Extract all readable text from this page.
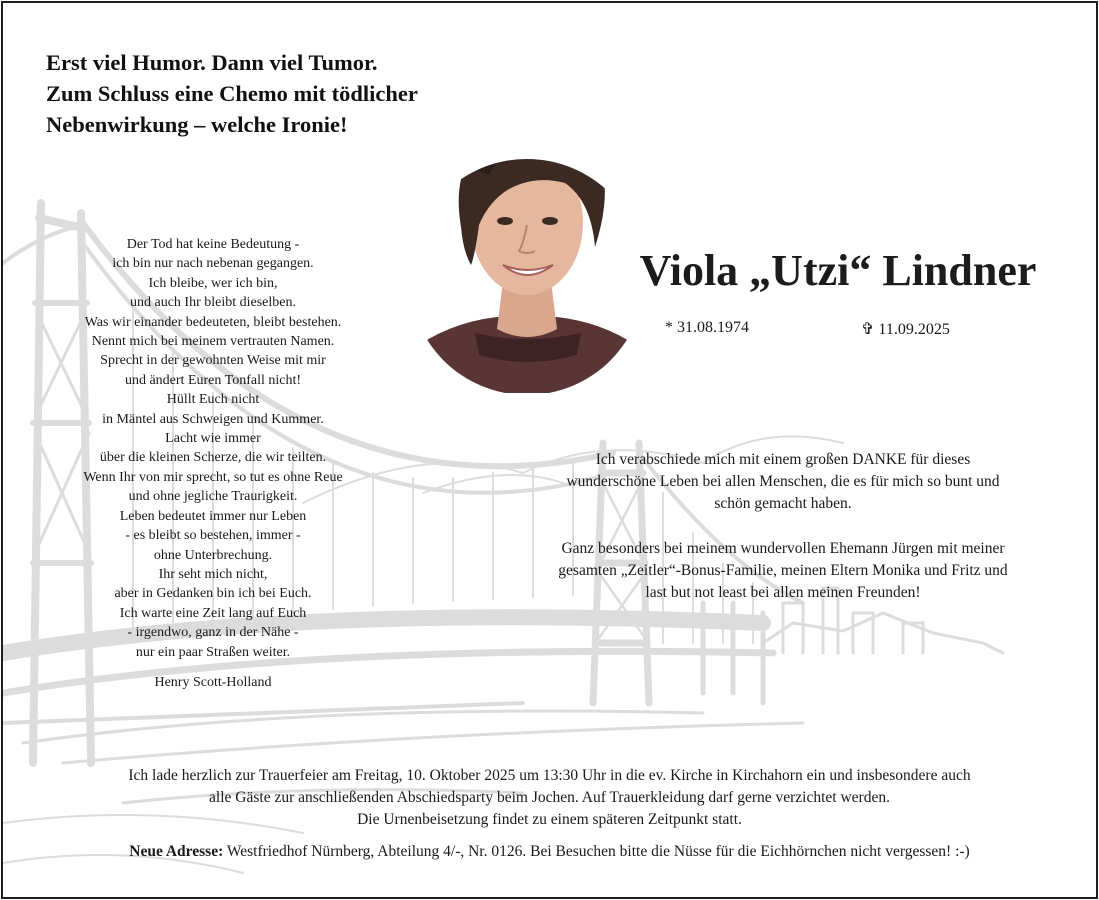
Erst viel Humor. Dann viel Tumor.
Zum Schluss eine Chemo mit tödlicher
Nebenwirkung – welche Ironie!

Viola „Utzi“ Lindner
* 31.08.1974	✞ 11.09.2025
Der Tod hat keine Bedeutung -
ich bin nur nach nebenan gegangen.
Ich bleibe, wer ich bin,
und auch Ihr bleibt dieselben.
Was wir einander bedeuteten, bleibt bestehen.
Nennt mich bei meinem vertrauten Namen.
Sprecht in der gewohnten Weise mit mir
und ändert Euren Tonfall nicht!
Hüllt Euch nicht
in Mäntel aus Schweigen und Kummer.
Lacht wie immer
über die kleinen Scherze, die wir teilten.
Wenn Ihr von mir sprecht, so tut es ohne Reue
und ohne jegliche Traurigkeit.
Leben bedeutet immer nur Leben
- es bleibt so bestehen, immer -
ohne Unterbrechung.
Ihr seht mich nicht,
aber in Gedanken bin ich bei Euch.
Ich warte eine Zeit lang auf Euch
- irgendwo, ganz in der Nähe -
nur ein paar Straßen weiter.
Henry Scott-Holland
Ich verabschiede mich mit einem großen DANKE für dieses
wunderschöne Leben bei allen Menschen, die es für mich so bunt und
schön gemacht haben.
Ganz besonders bei meinem wundervollen Ehemann Jürgen mit meiner
gesamten „Zeitler“-Bonus-Familie, meinen Eltern Monika und Fritz und
last but not least bei allen meinen Freunden!
Ich lade herzlich zur Trauerfeier am Freitag, 10. Oktober 2025 um 13:30 Uhr in die ev. Kirche in Kirchahorn ein und insbesondere auch
alle Gäste zur anschließenden Abschiedsparty beim Jochen. Auf Trauerkleidung darf gerne verzichtet werden.
Die Urnenbeisetzung findet zu einem späteren Zeitpunkt statt.
Neue Adresse: Westfriedhof Nürnberg, Abteilung 4/-, Nr. 0126. Bei Besuchen bitte die Nüsse für die Eichhörnchen nicht vergessen! :-)
